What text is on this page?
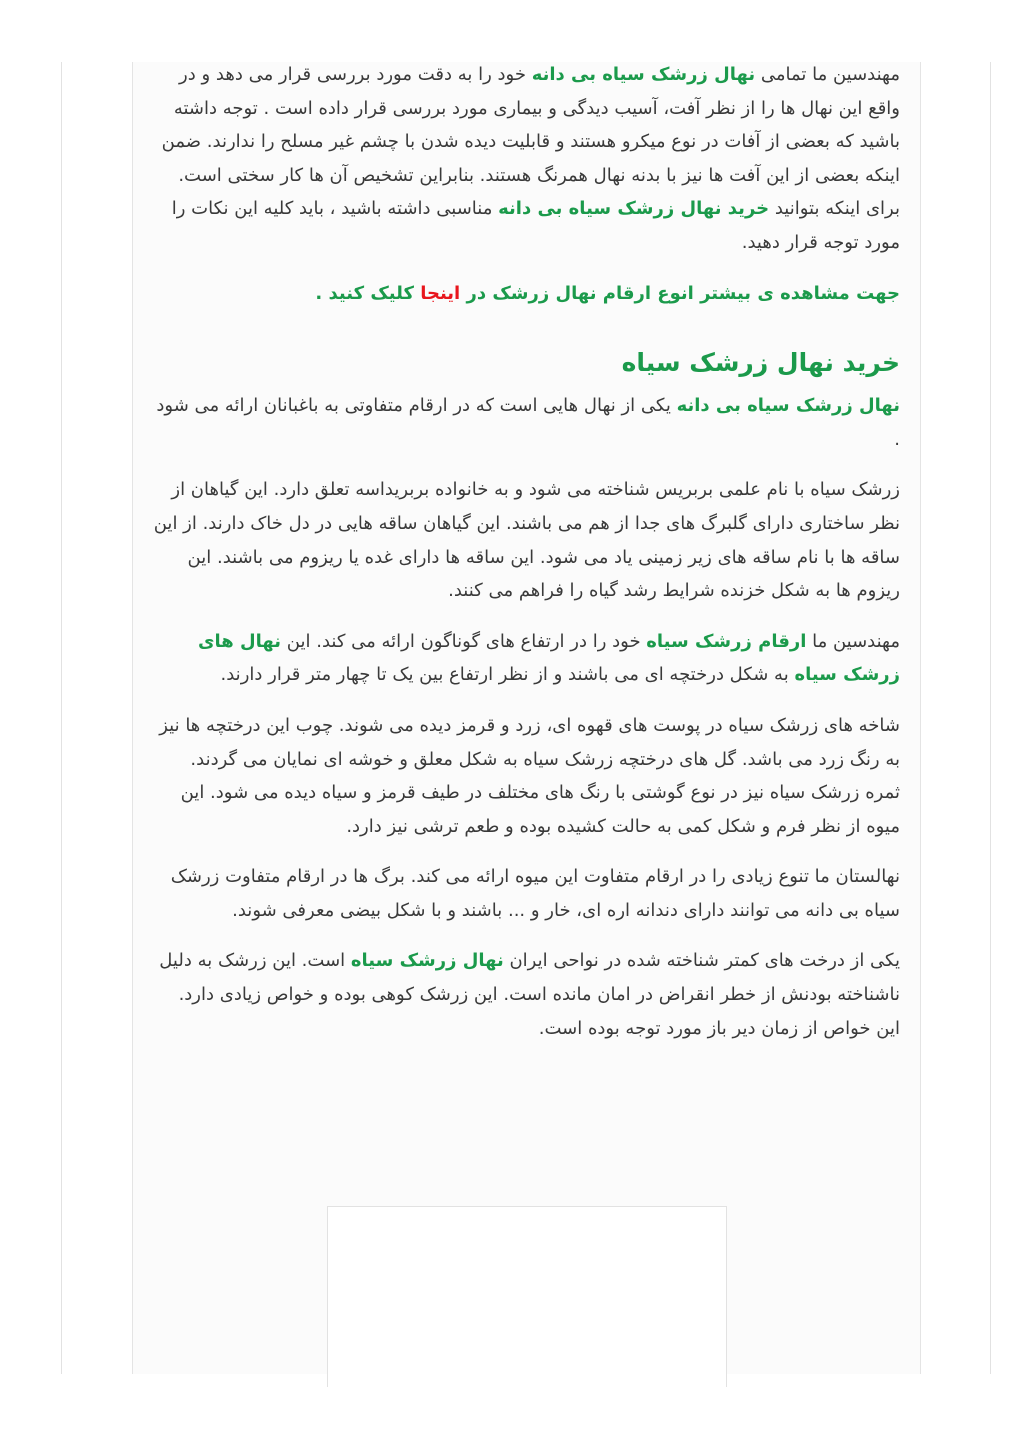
مهندسین ما تمامی نهال زرشک سیاه بی دانه خود را به دقت مورد بررسی قرار می دهد و در واقع این نهال ها را از نظر آفت، آسیب دیدگی و بیماری مورد بررسی قرار داده است . توجه داشته باشید که بعضی از آفات در نوع میکرو هستند و قابلیت دیده شدن با چشم غیر مسلح را ندارند. ضمن اینکه بعضی از این آفت ها نیز با بدنه نهال همرنگ هستند. بنابراین تشخیص آن ها کار سختی است. برای اینکه بتوانید خرید نهال زرشک سیاه بی دانه مناسبی داشته باشید ، باید کلیه این نکات را مورد توجه قرار دهید.

جهت مشاهده ی بیشتر انوع ارقام نهال زرشک در اینجا کلیک کنید .

خرید نهال زرشک سیاه

نهال زرشک سیاه بی دانه یکی از نهال هایی است که در ارقام متفاوتی به باغبانان ارائه می شود .

زرشک سیاه با نام علمی بربریس شناخته می شود و به خانواده بربریداسه تعلق دارد. این گیاهان از نظر ساختاری دارای گلبرگ های جدا از هم می باشند. این گیاهان ساقه هایی در دل خاک دارند. از این ساقه ها با نام ساقه های زیر زمینی یاد می شود. این ساقه ها دارای غده یا ریزوم می باشند. این ریزوم ها به شکل خزنده شرایط رشد گیاه را فراهم می کنند.

مهندسین ما ارقام زرشک سیاه خود را در ارتفاع های گوناگون ارائه می کند. این نهال های زرشک سیاه به شکل درختچه ای می باشند و از نظر ارتفاع بین یک تا چهار متر قرار دارند.

شاخه های زرشک سیاه در پوست های قهوه ای، زرد و قرمز دیده می شوند. چوب این درختچه ها نیز به رنگ زرد می باشد. گل های درختچه زرشک سیاه به شکل معلق و خوشه ای نمایان می گردند. ثمره زرشک سیاه نیز در نوع گوشتی با رنگ های مختلف در طیف قرمز و سیاه دیده می شود. این میوه از نظر فرم و شکل کمی به حالت کشیده بوده و طعم ترشی نیز دارد.

نهالستان ما تنوع زیادی را در ارقام متفاوت این میوه ارائه می کند. برگ ها در ارقام متفاوت زرشک سیاه بی دانه می توانند دارای دندانه اره ای، خار و ... باشند و با شکل بیضی معرفی شوند.

یکی از درخت های کمتر شناخته شده در نواحی ایران نهال زرشک سیاه است. این زرشک به دلیل ناشناخته بودنش از خطر انقراض در امان مانده است. این زرشک کوهی بوده و خواص زیادی دارد. این خواص از زمان دیر باز مورد توجه بوده است.
